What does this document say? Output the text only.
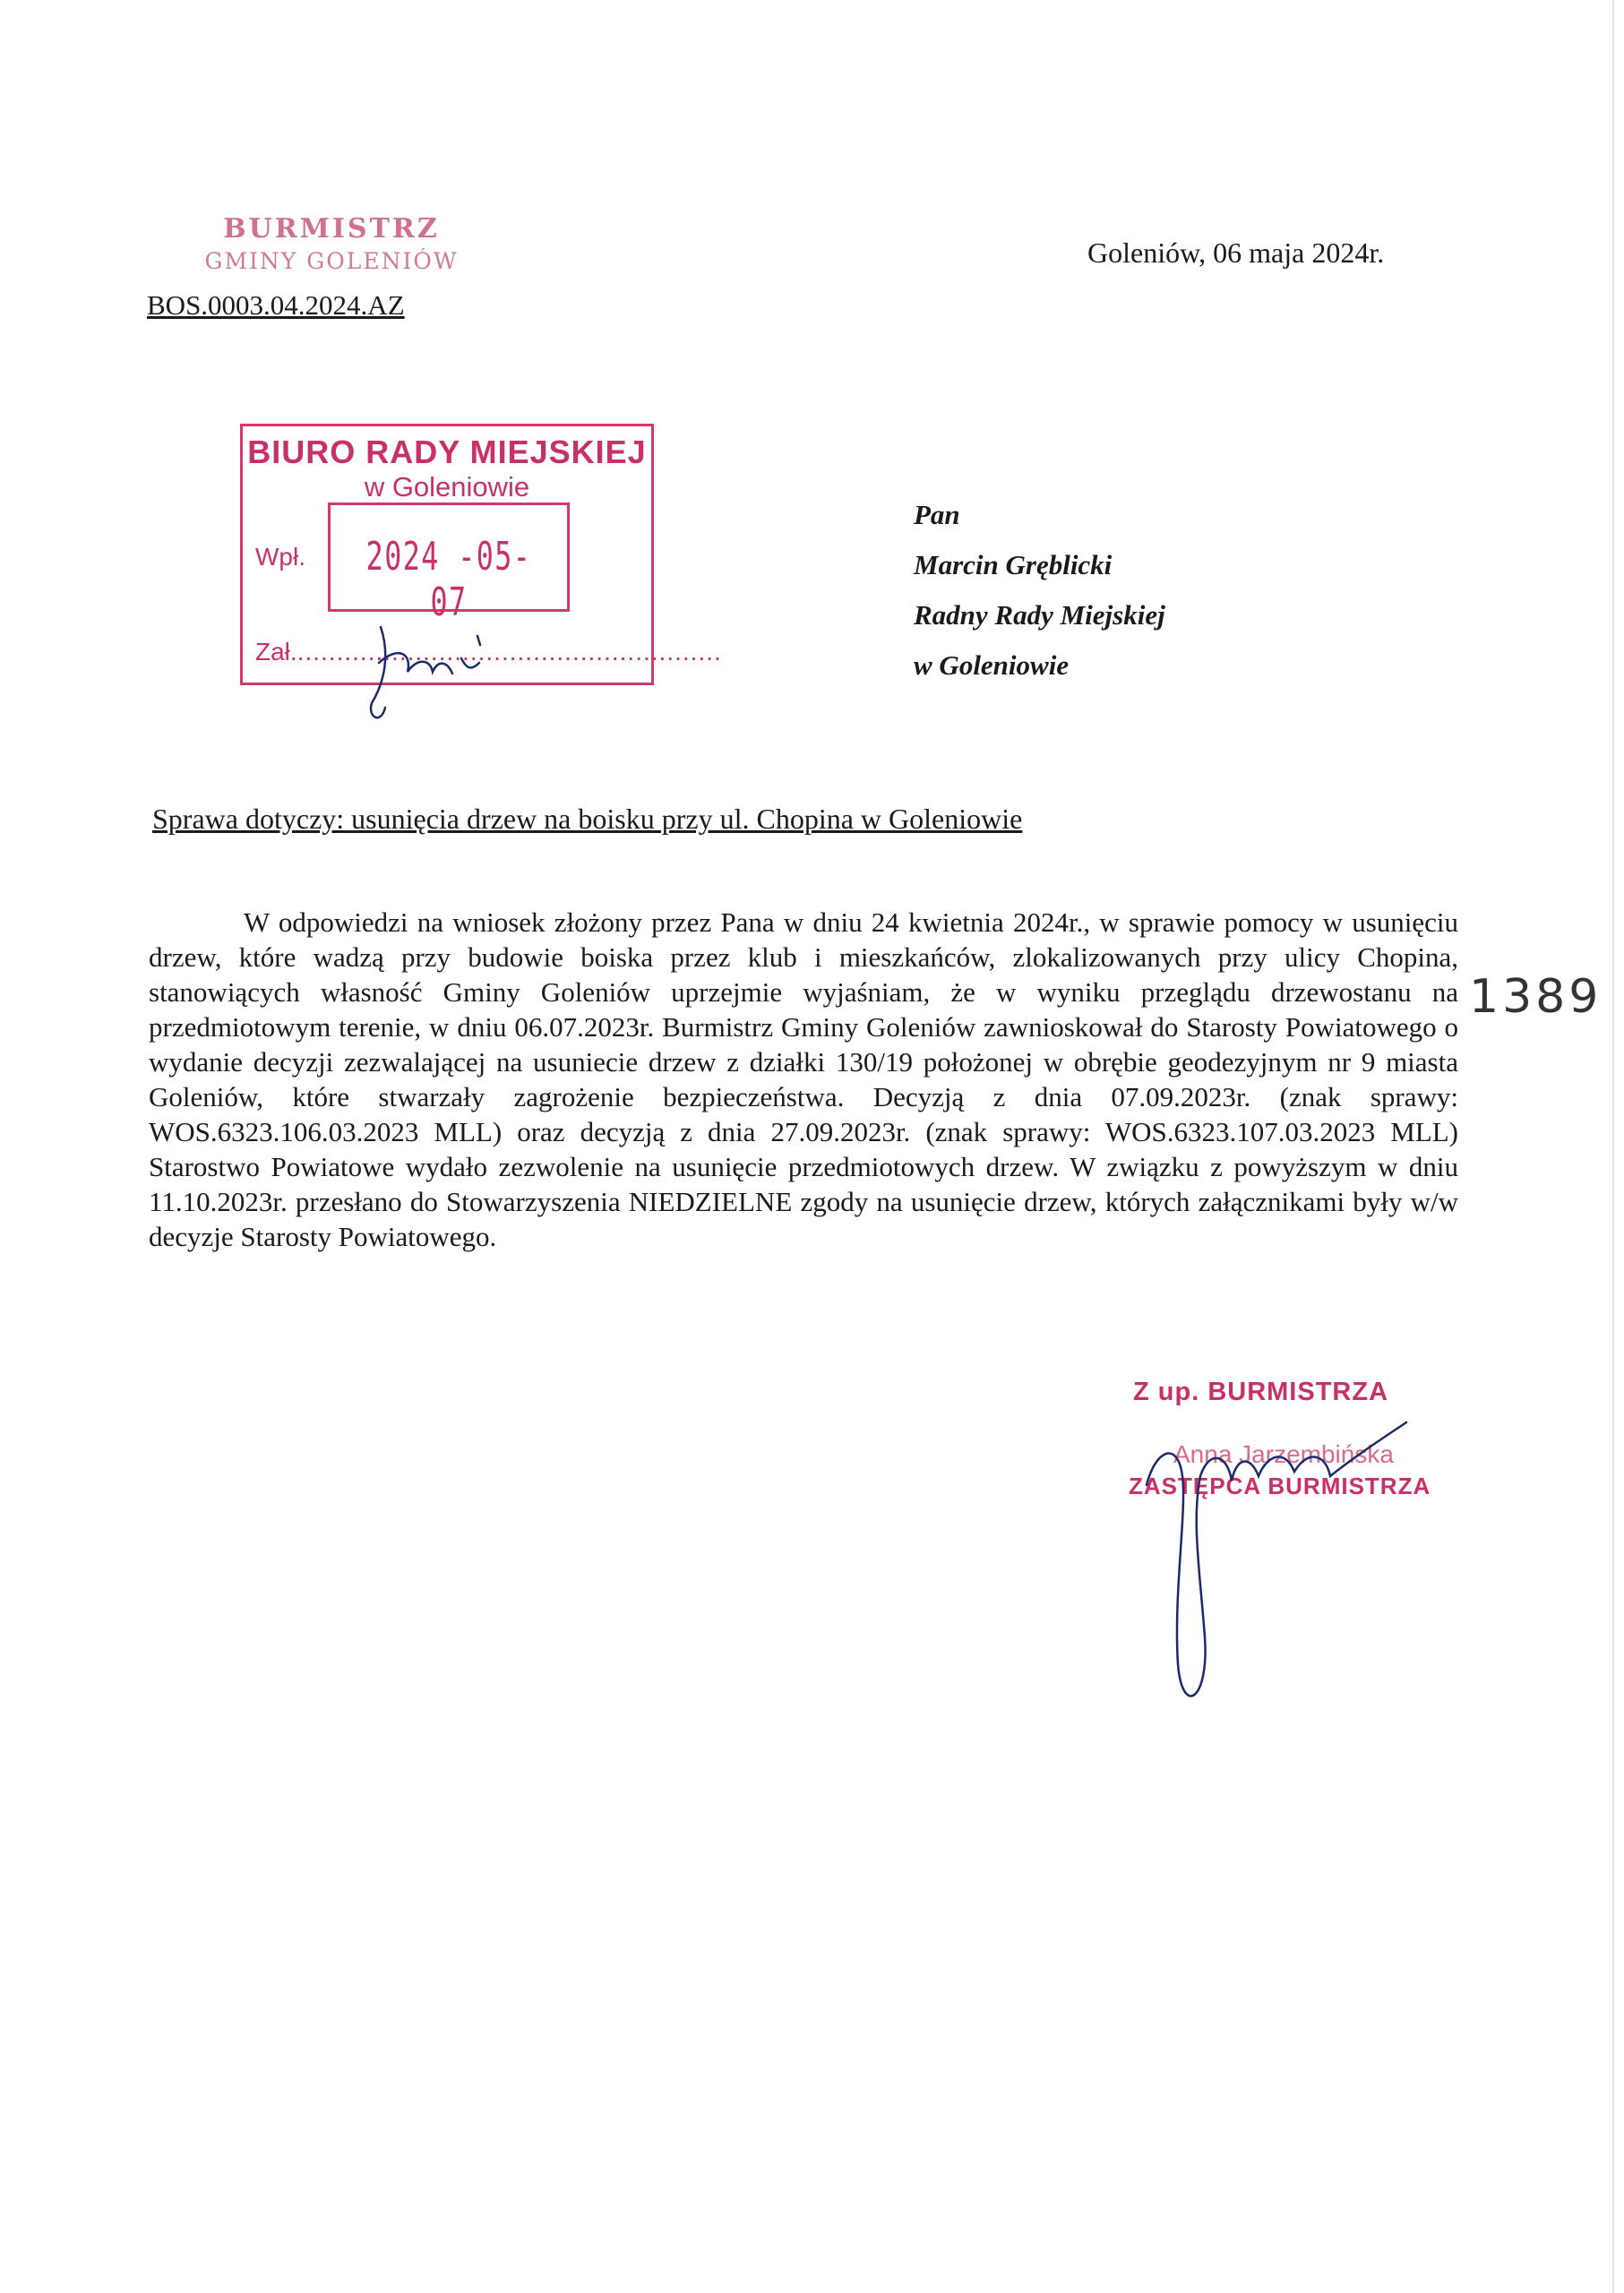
BURMISTRZ
GMINY GOLENIÓW
BOS.0003.04.2024.AZ
Goleniów, 06 maja 2024r.
BIURO RADY MIEJSKIEJ
w Goleniowie
Wpł. 2024 -05- 07
Zał.......................................................
Pan
Marcin Gręblicki
Radny Rady Miejskiej
w Goleniowie
Sprawa dotyczy: usunięcia drzew na boisku przy ul. Chopina w Goleniowie

W odpowiedzi na wniosek złożony przez Pana w dniu 24 kwietnia 2024r., w sprawie pomocy w usunięciu drzew, które wadzą przy budowie boiska przez klub i mieszkańców, zlokalizowanych przy ulicy Chopina, stanowiących własność Gminy Goleniów uprzejmie wyjaśniam, że w wyniku przeglądu drzewostanu na przedmiotowym terenie, w dniu 06.07.2023r. Burmistrz Gminy Goleniów zawnioskował do Starosty Powiatowego o wydanie decyzji zezwalającej na usuniecie drzew z działki 130/19 położonej w obrębie geodezyjnym nr 9 miasta Goleniów, które stwarzały zagrożenie bezpieczeństwa. Decyzją z dnia 07.09.2023r. (znak sprawy: WOS.6323.106.03.2023 MLL) oraz decyzją z dnia 27.09.2023r. (znak sprawy: WOS.6323.107.03.2023 MLL) Starostwo Powiatowe wydało zezwolenie na usunięcie przedmiotowych drzew. W związku z powyższym w dniu 11.10.2023r. przesłano do Stowarzyszenia NIEDZIELNE zgody na usunięcie drzew, których załącznikami były w/w decyzje Starosty Powiatowego.

1389
Z up. BURMISTRZA
Anna Jarzembińska
ZASTĘPCA BURMISTRZA
